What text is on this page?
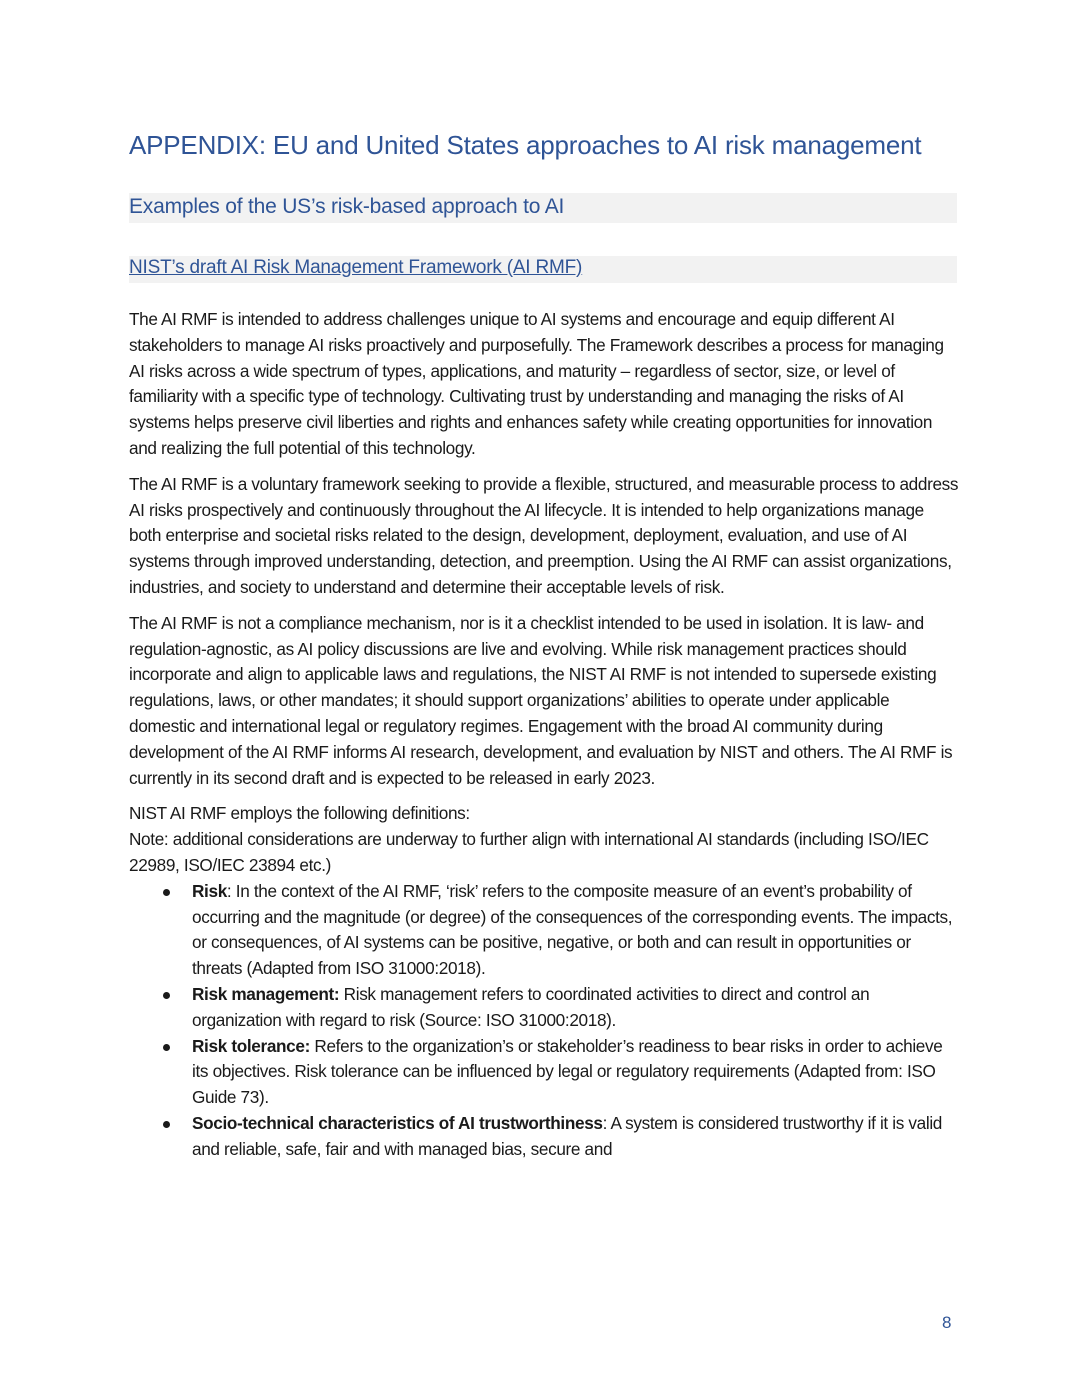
APPENDIX: EU and United States approaches to AI risk management
Examples of the US’s risk-based approach to AI
NIST’s draft AI Risk Management Framework (AI RMF)

The AI RMF is intended to address challenges unique to AI systems and encourage and equip different AI stakeholders to manage AI risks proactively and purposefully. The Framework describes a process for managing AI risks across a wide spectrum of types, applications, and maturity – regardless of sector, size, or level of familiarity with a specific type of technology. Cultivating trust by understanding and managing the risks of AI systems helps preserve civil liberties and rights and enhances safety while creating opportunities for innovation and realizing the full potential of this technology.

The AI RMF is a voluntary framework seeking to provide a flexible, structured, and measurable process to address AI risks prospectively and continuously throughout the AI lifecycle. It is intended to help organizations manage both enterprise and societal risks related to the design, development, deployment, evaluation, and use of AI systems through improved understanding, detection, and preemption. Using the AI RMF can assist organizations, industries, and society to understand and determine their acceptable levels of risk.

The AI RMF is not a compliance mechanism, nor is it a checklist intended to be used in isolation. It is law- and regulation-agnostic, as AI policy discussions are live and evolving. While risk management practices should incorporate and align to applicable laws and regulations, the NIST AI RMF is not intended to supersede existing regulations, laws, or other mandates; it should support organizations’ abilities to operate under applicable domestic and international legal or regulatory regimes. Engagement with the broad AI community during development of the AI RMF informs AI research, development, and evaluation by NIST and others. The AI RMF is currently in its second draft and is expected to be released in early 2023.

NIST AI RMF employs the following definitions:
Note: additional considerations are underway to further align with international AI standards (including ISO/IEC 22989, ISO/IEC 23894 etc.)
Risk: In the context of the AI RMF, ‘risk’ refers to the composite measure of an event’s probability of occurring and the magnitude (or degree) of the consequences of the corresponding events. The impacts, or consequences, of AI systems can be positive, negative, or both and can result in opportunities or threats (Adapted from ISO 31000:2018).
Risk management: Risk management refers to coordinated activities to direct and control an organization with regard to risk (Source: ISO 31000:2018).
Risk tolerance: Refers to the organization’s or stakeholder’s readiness to bear risks in order to achieve its objectives. Risk tolerance can be influenced by legal or regulatory requirements (Adapted from: ISO Guide 73).
Socio-technical characteristics of AI trustworthiness: A system is considered trustworthy if it is valid and reliable, safe, fair and with managed bias, secure and
8
